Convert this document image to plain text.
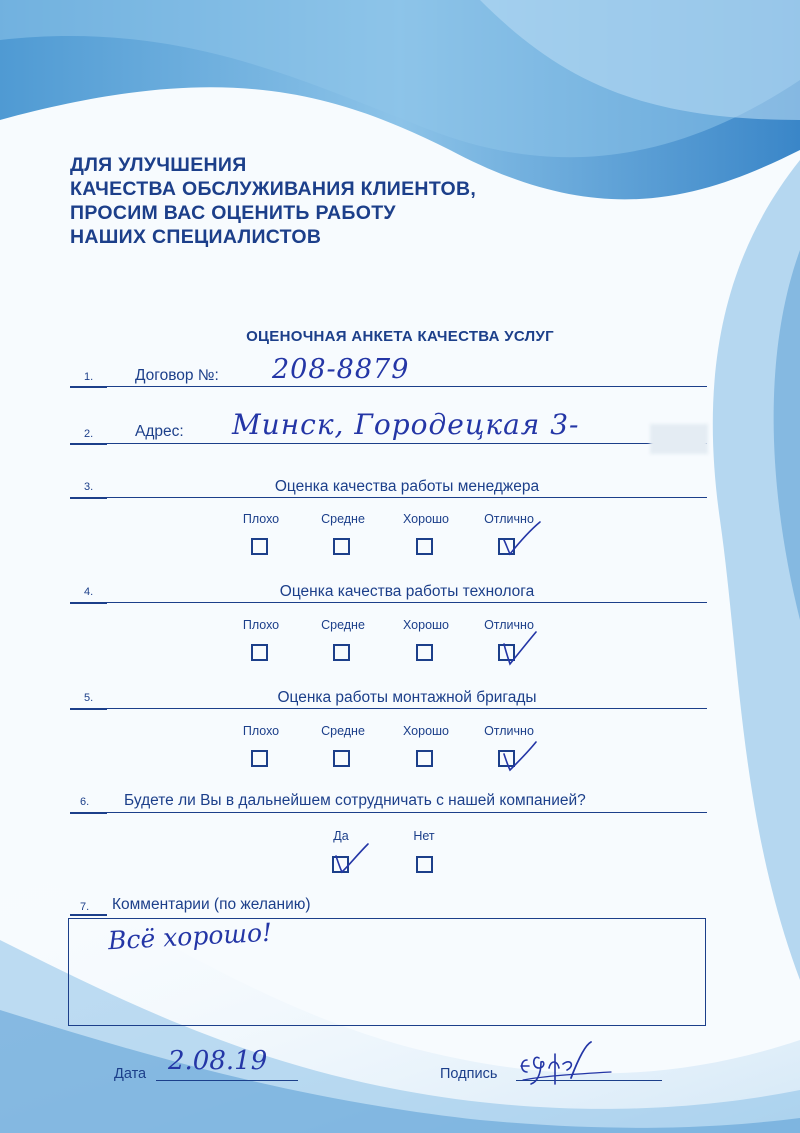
ДЛЯ УЛУЧШЕНИЯ
КАЧЕСТВА ОБСЛУЖИВАНИЯ КЛИЕНТОВ,
ПРОСИМ ВАС ОЦЕНИТЬ РАБОТУ
НАШИХ СПЕЦИАЛИСТОВ
ОЦЕНОЧНАЯ АНКЕТА КАЧЕСТВА УСЛУГ
1.	Договор №: 208-8879
2.	Адрес: Минск, Городецкая 3-
3.	Оценка качества работы менеджера
Плохо	Средне	Хорошо	Отлично
4.	Оценка качества работы технолога
Плохо	Средне	Хорошо	Отлично
5.	Оценка работы монтажной бригады
Плохо	Средне	Хорошо	Отлично
6. Будете ли Вы в дальнейшем сотрудничать с нашей компанией?
Да	Нет
7. Комментарии (по желанию)
Всё хорошо!
Дата 2.08.19	Подпись
